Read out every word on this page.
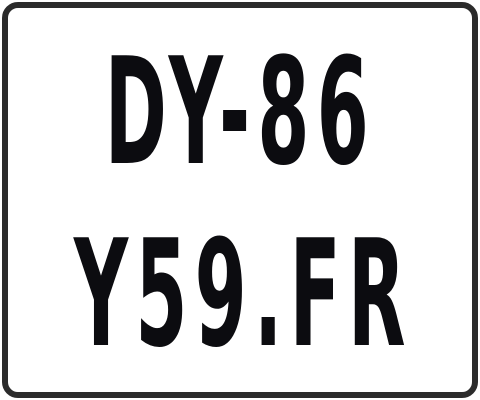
DY-86
Y59.FR
